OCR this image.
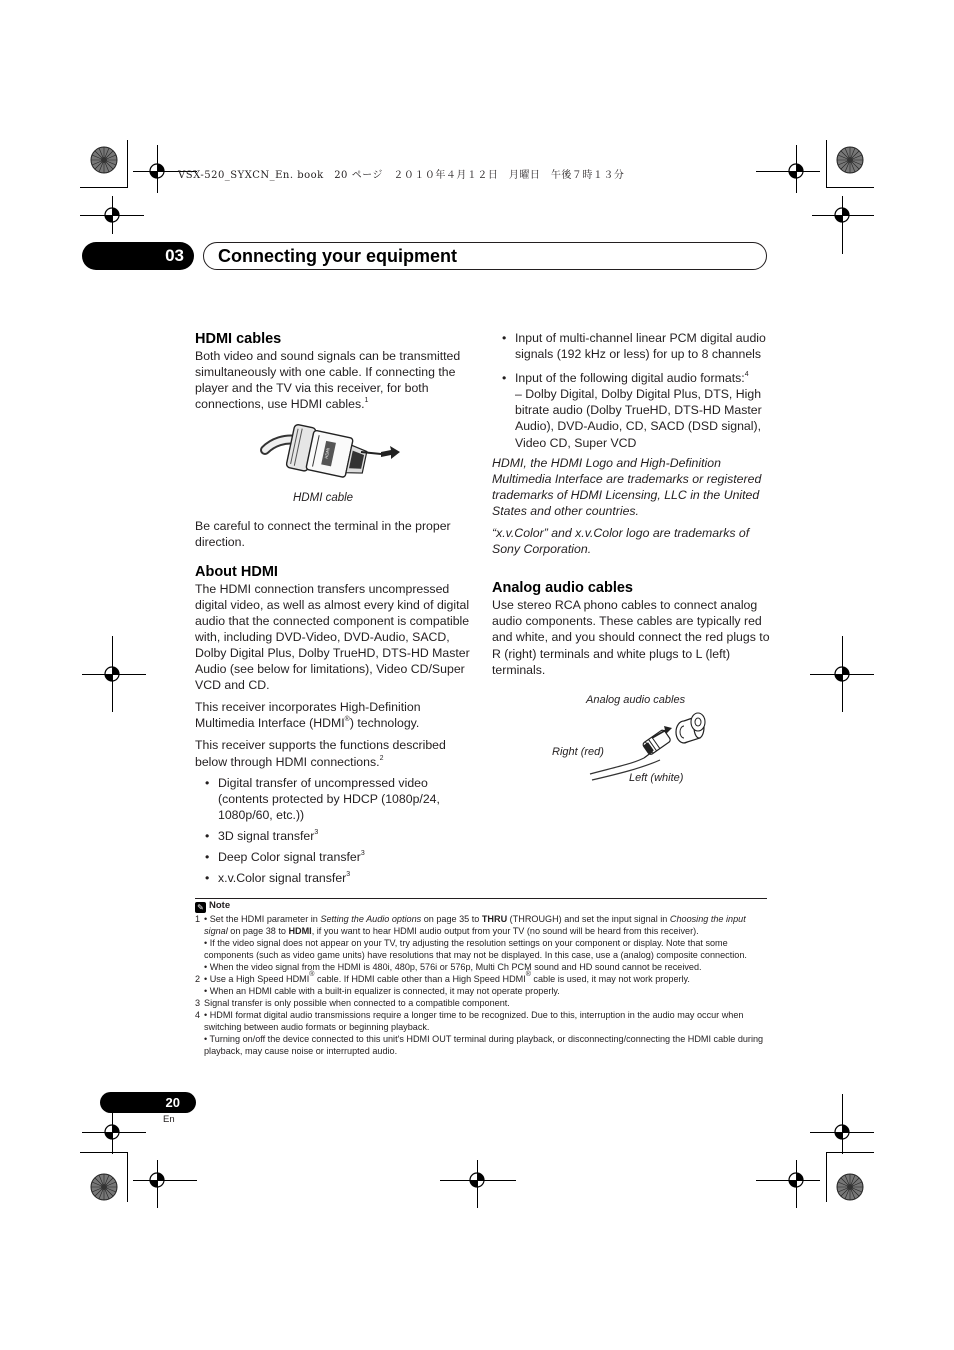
VSX-520_SYXCN_En. book　20 ページ　２０１０年４月１２日　月曜日　午後７時１３分
03	Connecting your equipment
HDMI cables

Both video and sound signals can be transmitted simultaneously with one cable. If connecting the player and the TV via this receiver, for both connections, use HDMI cables.$^1$

HDMI
HDMI cable

Be careful to connect the terminal in the proper direction.

About HDMI

The HDMI connection transfers uncompressed digital video, as well as almost every kind of digital audio that the connected component is compatible with, including DVD-Video, DVD-Audio, SACD, Dolby Digital Plus, Dolby TrueHD, DTS-HD Master Audio (see below for limitations), Video CD/Super VCD and CD.

This receiver incorporates High-Definition Multimedia Interface (HDMI®) technology.

This receiver supports the functions described below through HDMI connections.$^2$

• Digital transfer of uncompressed video (contents protected by HDCP (1080p/24, 1080p/60, etc.))
• 3D signal transfer$^3$
• Deep Color signal transfer$^3$
• x.v.Color signal transfer$^3$
• Input of multi-channel linear PCM digital audio signals (192 kHz or less) for up to 8 channels
• Input of the following digital audio formats:$^4$
– Dolby Digital, Dolby Digital Plus, DTS, High bitrate audio (Dolby TrueHD, DTS-HD Master Audio), DVD-Audio, CD, SACD (DSD signal), Video CD, Super VCD

HDMI, the HDMI Logo and High-Definition Multimedia Interface are trademarks or registered trademarks of HDMI Licensing, LLC in the United States and other countries.

“x.v.Color” and x.v.Color logo are trademarks of Sony Corporation.

Analog audio cables

Use stereo RCA phono cables to connect analog audio components. These cables are typically red and white, and you should connect the red plugs to R (right) terminals and white plugs to L (left) terminals.

Analog audio cables
Right (red)
Left (white)
✎ Note
1 • Set the HDMI parameter in Setting the Audio options on page 35 to THRU (THROUGH) and set the input signal in Choosing the input signal on page 38 to HDMI, if you want to hear HDMI audio output from your TV (no sound will be heard from this receiver).
• If the video signal does not appear on your TV, try adjusting the resolution settings on your component or display. Note that some components (such as video game units) have resolutions that may not be displayed. In this case, use a (analog) composite connection.
• When the video signal from the HDMI is 480i, 480p, 576i or 576p, Multi Ch PCM sound and HD sound cannot be received.
2 • Use a High Speed HDMI® cable. If HDMI cable other than a High Speed HDMI® cable is used, it may not work properly.
• When an HDMI cable with a built-in equalizer is connected, it may not operate properly.
3 Signal transfer is only possible when connected to a compatible component.
4 • HDMI format digital audio transmissions require a longer time to be recognized. Due to this, interruption in the audio may occur when switching between audio formats or beginning playback.
• Turning on/off the device connected to this unit's HDMI OUT terminal during playback, or disconnecting/connecting the HDMI cable during playback, may cause noise or interrupted audio.
20
En
